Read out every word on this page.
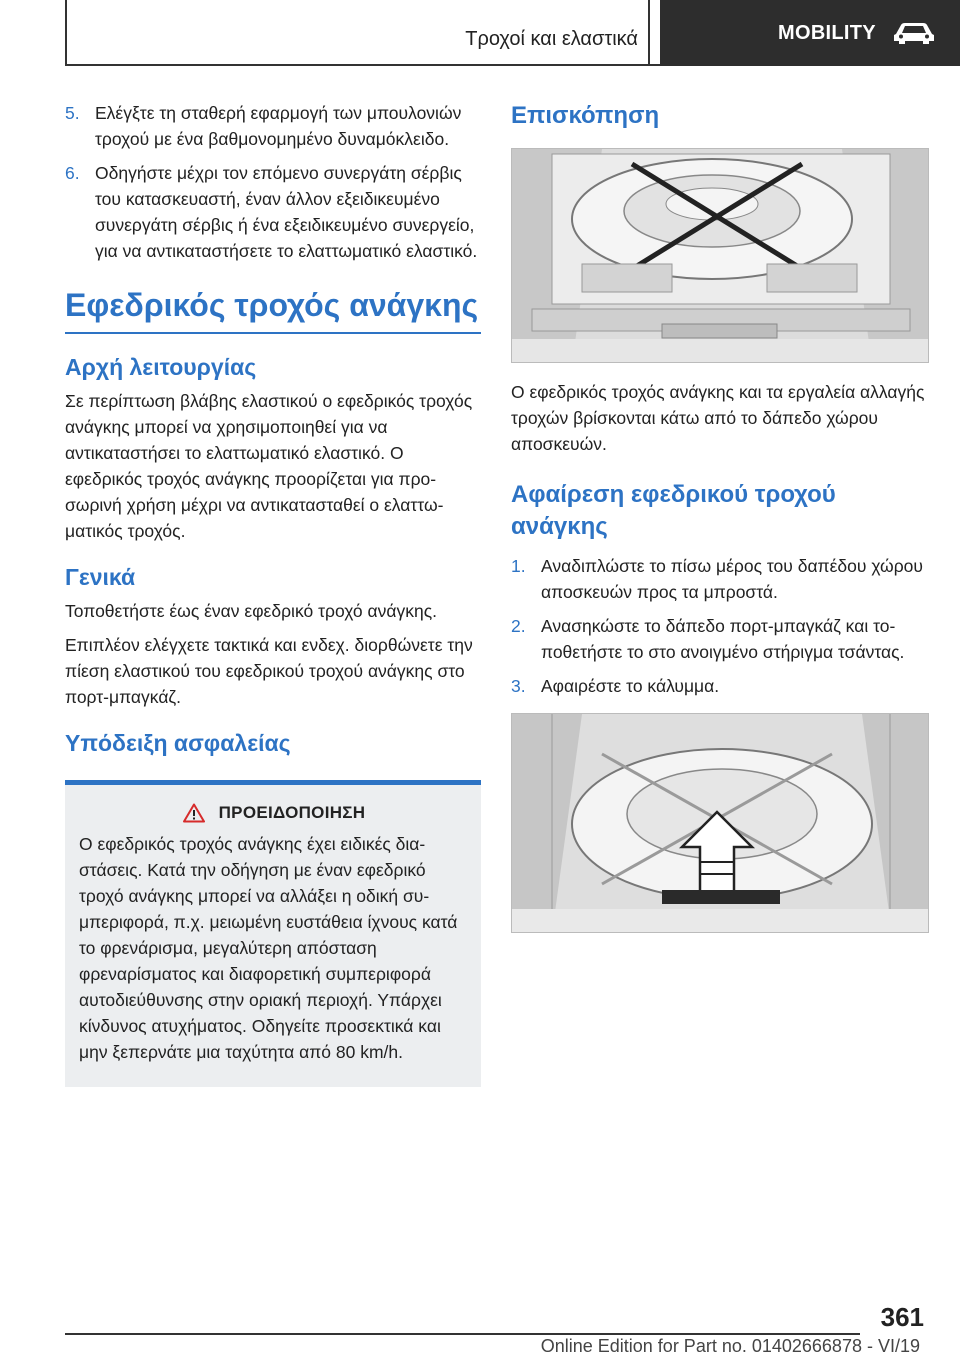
Τροχοί και ελαστικά	MOBILITY
5. Ελέγξτε τη σταθερή εφαρμογή των μπουλονιών τροχού με ένα βαθμονομημένο δυναμόκλειδο.
6. Οδηγήστε μέχρι τον επόμενο συνεργάτη σέρβις του κατασκευαστή, έναν άλλον εξειδικευμένο συνεργάτη σέρβις ή ένα εξειδικευμένο συνεργείο, για να αντικαταστήσετε το ελαττωματικό ελαστικό.
Εφεδρικός τροχός ανάγκης
Αρχή λειτουργίας

Σε περίπτωση βλάβης ελαστικού ο εφεδρικός τροχός ανάγκης μπορεί να χρησιμοποιηθεί για να αντικαταστήσει το ελαττωματικό ελαστικό. Ο εφεδρικός τροχός ανάγκης προορίζεται για προσωρινή χρήση μέχρι να αντικατασταθεί ο ελαττωματικός τροχός.

Γενικά

Τοποθετήστε έως έναν εφεδρικό τροχό ανάγκης.

Επιπλέον ελέγχετε τακτικά και ενδεχ. διορθώνετε την πίεση ελαστικού του εφεδρικού τροχού ανάγκης στο πορτ-μπαγκάζ.

Υπόδειξη ασφαλείας
ΠΡΟΕΙΔΟΠΟΙΗΣΗ

Ο εφεδρικός τροχός ανάγκης έχει ειδικές διαστάσεις. Κατά την οδήγηση με έναν εφεδρικό τροχό ανάγκης μπορεί να αλλάξει η οδική συμπεριφορά, π.χ. μειωμένη ευστάθεια ίχνους κατά το φρενάρισμα, μεγαλύτερη απόσταση φρεναρίσματος και διαφορετική συμπεριφορά αυτοδιεύθυνσης στην οριακή περιοχή. Υπάρχει κίνδυνος ατυχήματος. Οδηγείτε προσεκτικά και μην ξεπερνάτε μια ταχύτητα από 80 km/h.

Επισκόπηση

Ο εφεδρικός τροχός ανάγκης και τα εργαλεία αλλαγής τροχών βρίσκονται κάτω από το δάπεδο χώρου αποσκευών.

Αφαίρεση εφεδρικού τροχού ανάγκης
1. Αναδιπλώστε το πίσω μέρος του δαπέδου χώρου αποσκευών προς τα μπροστά.
2. Ανασηκώστε το δάπεδο πορτ-μπαγκάζ και τοποθετήστε το στο ανοιγμένο στήριγμα τσάντας.
3. Αφαιρέστε το κάλυμμα.
361
Online Edition for Part no. 01402666878 - VI/19
